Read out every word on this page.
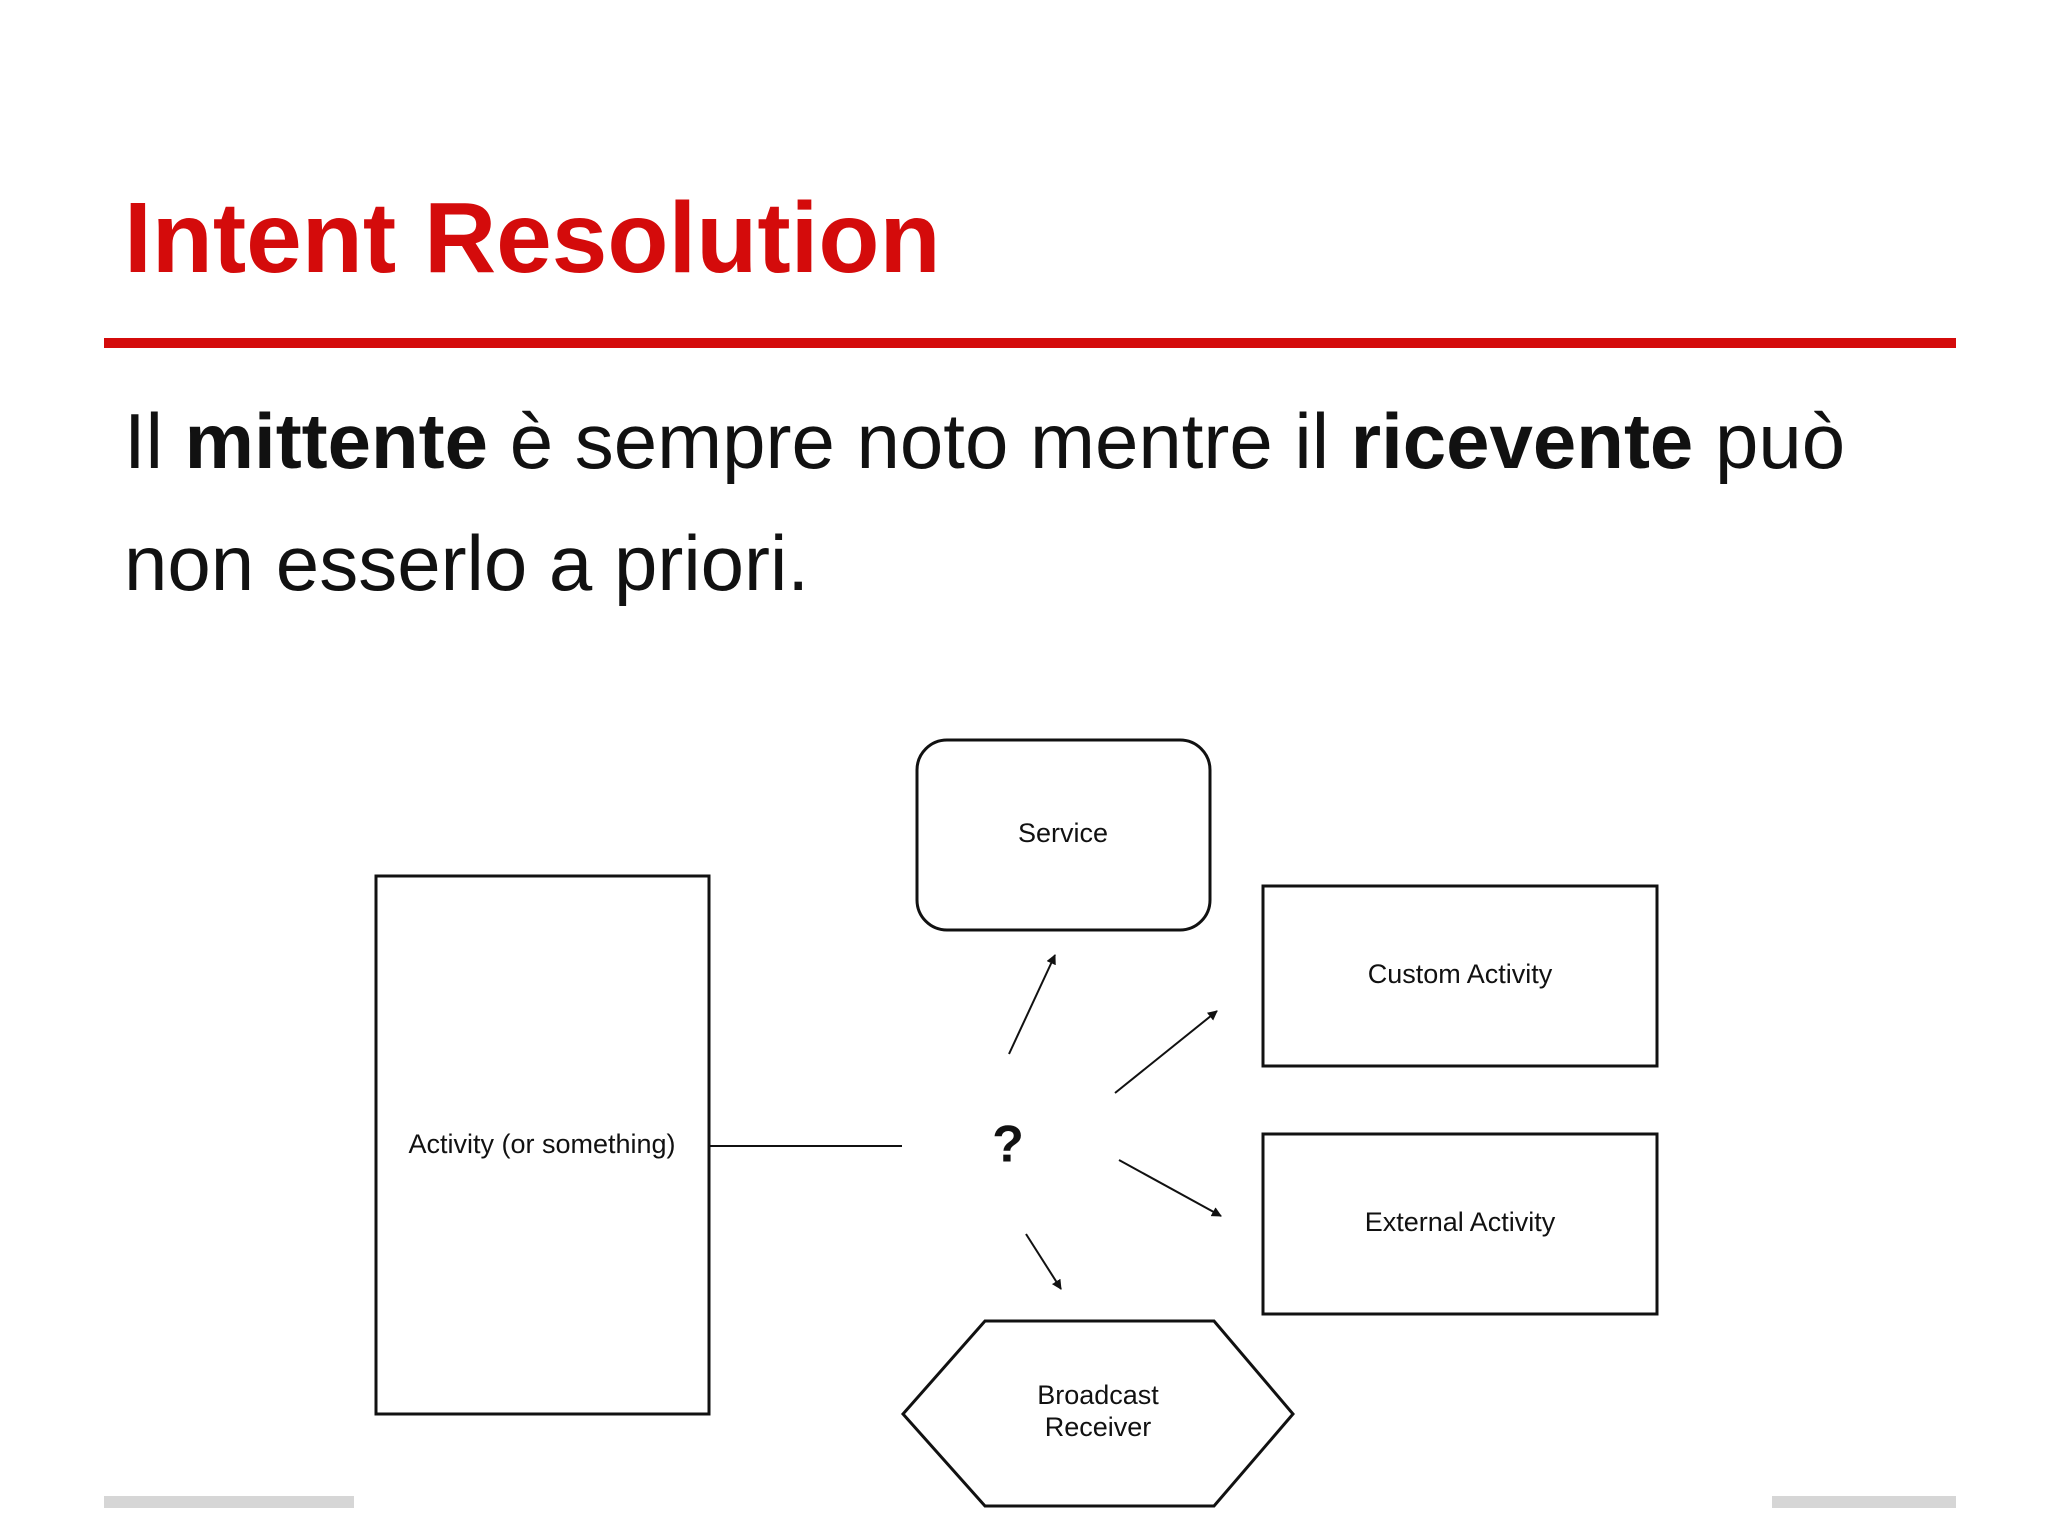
Intent Resolution

Il mittente è sempre noto mentre il ricevente può non esserlo a priori.

Activity (or something)	?
Service
Custom Activity
External Activity
Broadcast
Receiver
